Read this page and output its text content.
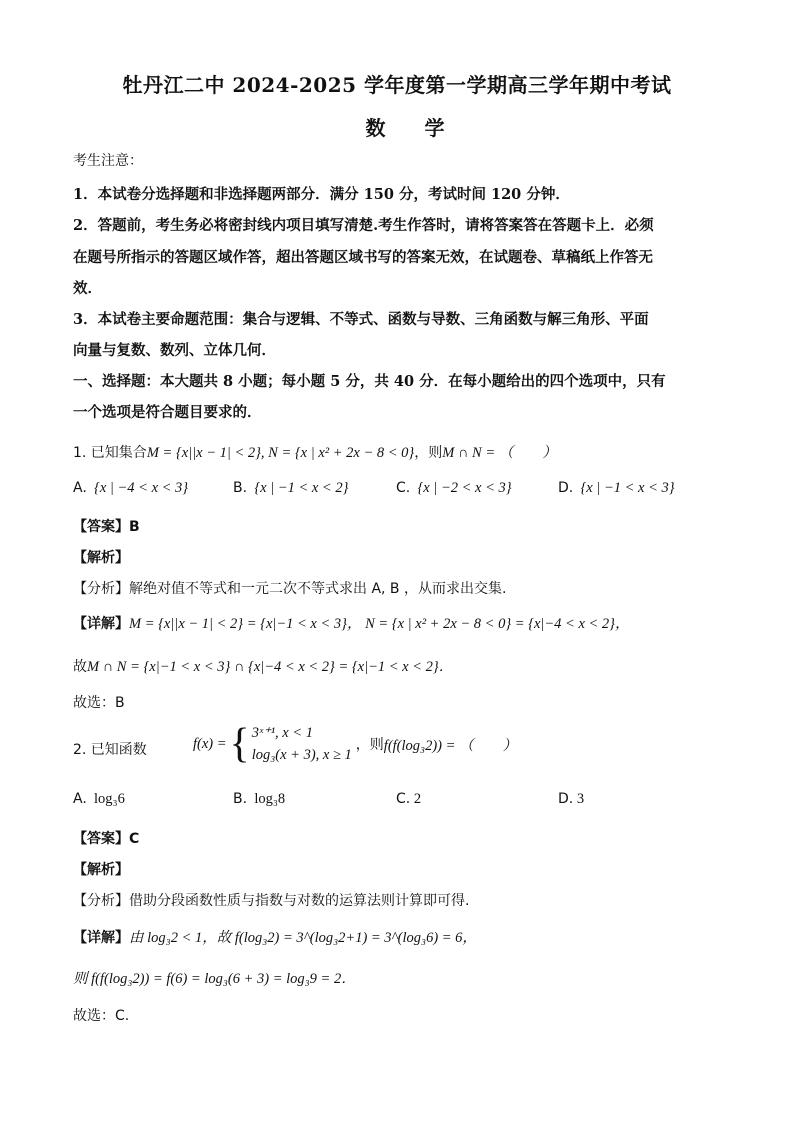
牡丹江二中 2024-2025 学年度第一学期高三学年期中考试
数 学
考生注意：
1．本试卷分选择题和非选择题两部分．满分 150 分，考试时间 120 分钟．
2．答题前，考生务必将密封线内项目填写清楚.考生作答时，请将答案答在答题卡上．必须
在题号所指示的答题区域作答，超出答题区域书写的答案无效，在试题卷、草稿纸上作答无
效．
3．本试卷主要命题范围：集合与逻辑、不等式、函数与导数、三角函数与解三角形、平面
向量与复数、数列、立体几何．
一、选择题：本大题共 8 小题；每小题 5 分，共 40 分．在每小题给出的四个选项中，只有
一个选项是符合题目要求的．
1. 已知集合M = {x||x − 1| < 2}, N = {x | x² + 2x − 8 < 0}，则M ∩ N = （　　）
A. {x | −4 < x < 3}	B. {x | −1 < x < 2}	C. {x | −2 < x < 3}	D. {x | −1 < x < 3}
【答案】B
【解析】
【分析】解绝对值不等式和一元二次不等式求出 A, B ，从而求出交集.
【详解】M = {x||x − 1| < 2} = {x|−1 < x < 3}， N = {x | x² + 2x − 8 < 0} = {x|−4 < x < 2}，
故M ∩ N = {x|−1 < x < 3} ∩ {x|−4 < x < 2} = {x|−1 < x < 2}．
故选：B
2. 已知函数	f(x) = { 3ˣ⁺¹, x < 1
log₃(x + 3), x ≥ 1
，则 f(f(log₃2)) = （　　）
A. log₃6	B. log₃8	C. 2	D. 3
【答案】C
【解析】
【分析】借助分段函数性质与指数与对数的运算法则计算即可得.
【详解】由 log₃2 < 1，故 f(log₃2) = 3^(log₃2+1) = 3^(log₃6) = 6，
则 f(f(log₃2)) = f(6) = log₃(6 + 3) = log₃9 = 2．
故选：C.
